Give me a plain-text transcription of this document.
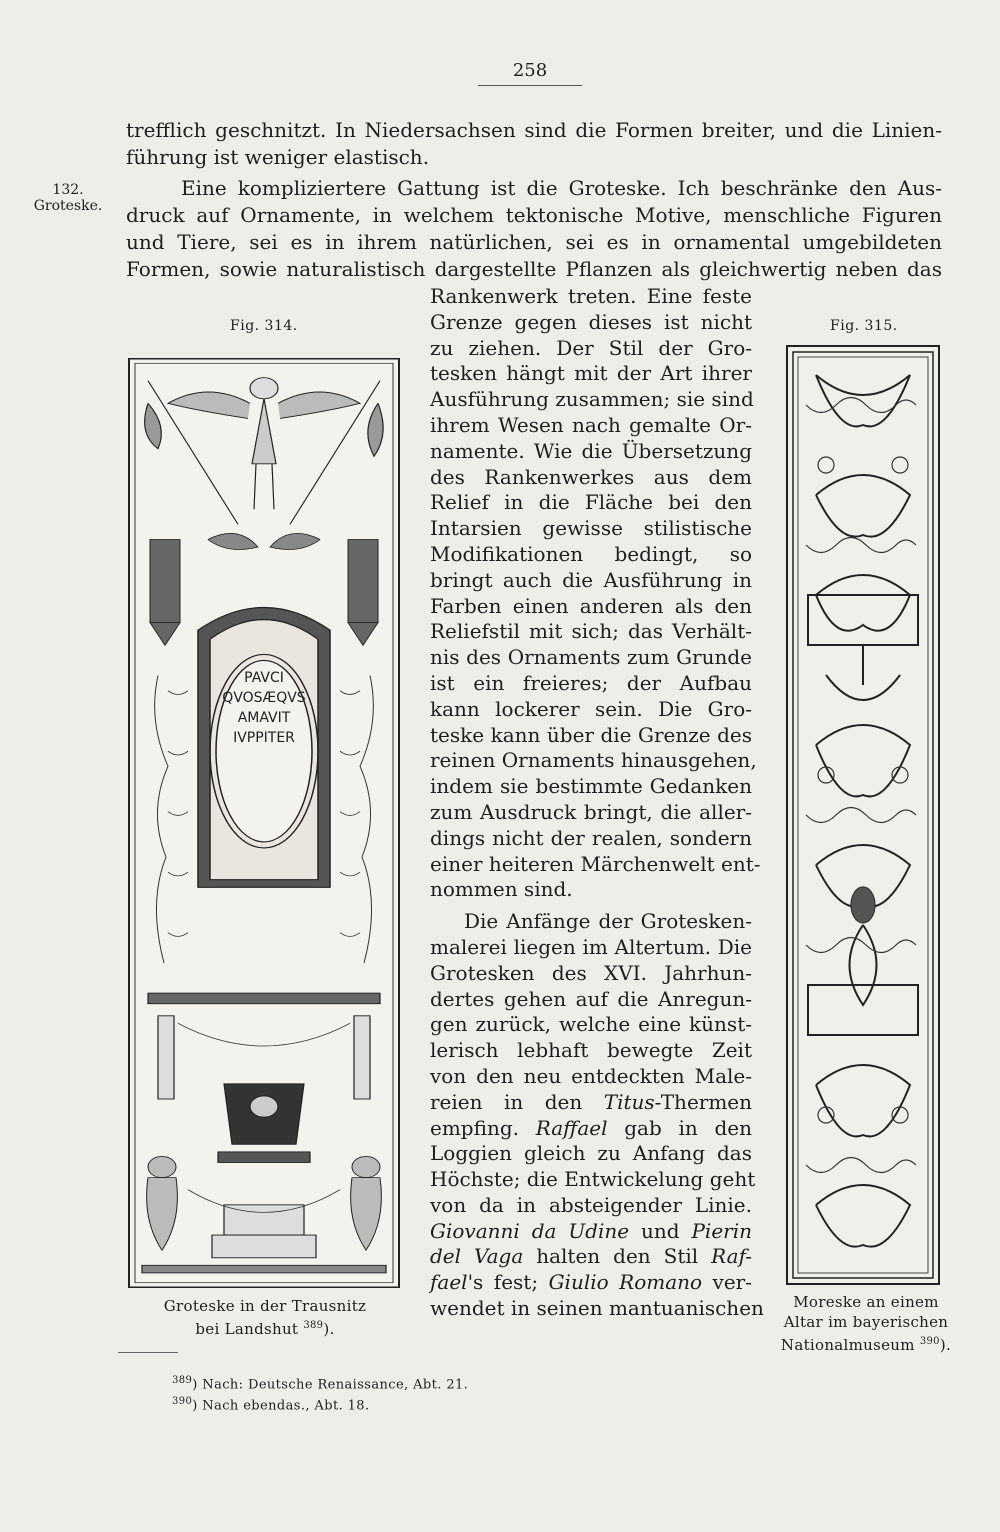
258
trefflich geschnitzt. In Niedersachsen sind die Formen breiter, und die Linien-
führung ist weniger elastisch.
132.
Groteske.
Eine kompliziertere Gattung ist die Groteske. Ich beschränke den Aus-
druck auf Ornamente, in welchem tektonische Motive, menschliche Figuren
und Tiere, sei es in ihrem natürlichen, sei es in ornamental umgebildeten
Formen, sowie naturalistisch dargestellte Pflanzen als gleichwertig neben das
Fig. 314.
PAVCI
QVOSÆQVS
AMAVIT
IVPPITER
Groteske in der Trausnitz
bei Landshut $^{389}$).
Fig. 315.
Moreske an einem
Altar im bayerischen
Nationalmuseum $^{390}$).
Rankenwerk treten. Eine feste
Grenze gegen dieses ist nicht
zu ziehen. Der Stil der Gro-
tesken hängt mit der Art ihrer
Ausführung zusammen; sie sind
ihrem Wesen nach gemalte Or-
namente. Wie die Übersetzung
des Rankenwerkes aus dem
Relief in die Fläche bei den
Intarsien gewisse stilistische
Modifikationen bedingt, so
bringt auch die Ausführung in
Farben einen anderen als den
Reliefstil mit sich; das Verhält-
nis des Ornaments zum Grunde
ist ein freieres; der Aufbau
kann lockerer sein. Die Gro-
teske kann über die Grenze des
reinen Ornaments hinausgehen,
indem sie bestimmte Gedanken
zum Ausdruck bringt, die aller-
dings nicht der realen, sondern
einer heiteren Märchenwelt ent-
nommen sind.
Die Anfänge der Grotesken-
malerei liegen im Altertum. Die
Grotesken des XVI. Jahrhun-
dertes gehen auf die Anregun-
gen zurück, welche eine künst-
lerisch lebhaft bewegte Zeit
von den neu entdeckten Male-
reien in den Titus-Thermen
empfing. Raffael gab in den
Loggien gleich zu Anfang das
Höchste; die Entwickelung geht
von da in absteigender Linie.
Giovanni da Udine und Pierin
del Vaga halten den Stil Raf-
fael's fest; Giulio Romano ver-
wendet in seinen mantuanischen
$^{389}$) Nach: Deutsche Renaissance, Abt. 21.
$^{390}$) Nach ebendas., Abt. 18.
